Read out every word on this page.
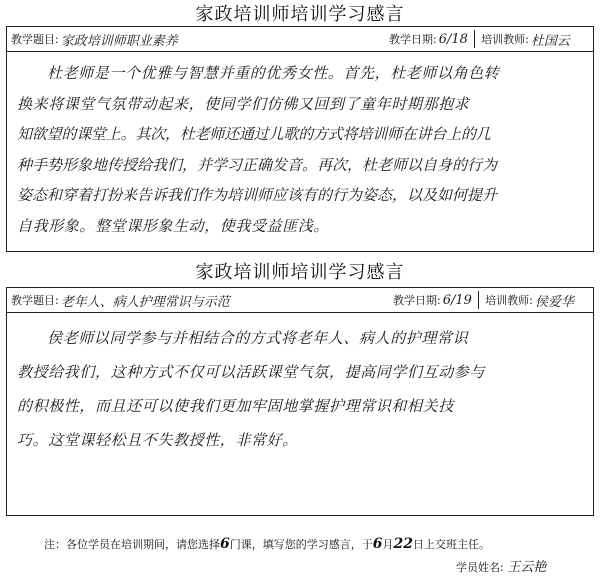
家政培训师培训学习感言
教学题目: 家政培训师职业素养	教学日期: 6/18 培训教师: 杜国云
杜老师是一个优雅与智慧并重的优秀女性。首先，杜老师以角色转
换来将课堂气氛带动起来，使同学们仿佛又回到了童年时期那抱求
知欲望的课堂上。其次，杜老师还通过儿歌的方式将培训师在讲台上的几
种手势形象地传授给我们，并学习正确发音。再次，杜老师以自身的行为
姿态和穿着打扮来告诉我们作为培训师应该有的行为姿态，以及如何提升
自我形象。整堂课形象生动，使我受益匪浅。
家政培训师培训学习感言
教学题目: 老年人、病人护理常识与示范	教学日期: 6/19 培训教师: 侯爱华
侯老师以同学参与并相结合的方式将老年人、病人的护理常识
教授给我们，这种方式不仅可以活跃课堂气氛，提高同学们互动参与
的积极性，而且还可以使我们更加牢固地掌握护理常识和相关技
巧。这堂课轻松且不失教授性，非常好。
注：各位学员在培训期间，请您选择6门课，填写您的学习感言，于6月22日上交班主任。
学员姓名: 王云艳
